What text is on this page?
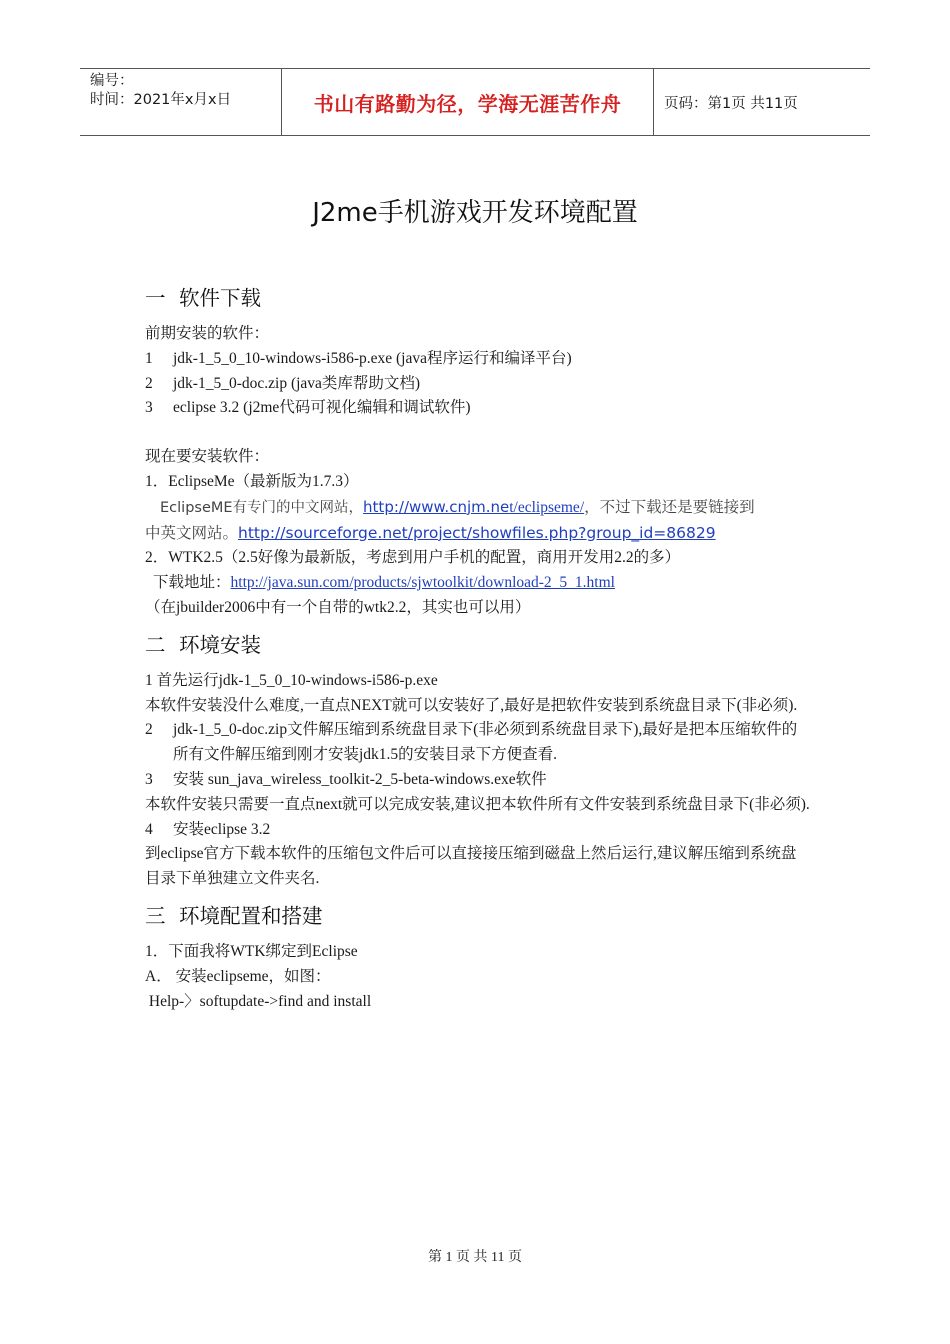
编号：
时间：2021年x月x日	书山有路勤为径，学海无涯苦作舟	页码：第1页 共11页
J2me手机游戏开发环境配置
一 软件下载
前期安装的软件：
1 jdk-1_5_0_10-windows-i586-p.exe (java程序运行和编译平台)
2 jdk-1_5_0-doc.zip (java类库帮助文档)
3 eclipse 3.2 (j2me代码可视化编辑和调试软件)
现在要安装软件：
1．EclipseMe（最新版为1.7.3）
EclipseME有专门的中文网站，http://www.cnjm.net/eclipseme/，不过下载还是要链接到
中英文网站。http://sourceforge.net/project/showfiles.php?group_id=86829
2．WTK2.5（2.5好像为最新版，考虑到用户手机的配置，商用开发用2.2的多）
下载地址：http://java.sun.com/products/sjwtoolkit/download-2_5_1.html
（在jbuilder2006中有一个自带的wtk2.2，其实也可以用）
二 环境安装
1 首先运行jdk-1_5_0_10-windows-i586-p.exe
本软件安装没什么难度,一直点NEXT就可以安装好了,最好是把软件安装到系统盘目录下(非必须).
2 jdk-1_5_0-doc.zip文件解压缩到系统盘目录下(非必须到系统盘目录下),最好是把本压缩软件的所有文件解压缩到刚才安装jdk1.5的安装目录下方便查看.
3 安装 sun_java_wireless_toolkit-2_5-beta-windows.exe软件
本软件安装只需要一直点next就可以完成安装,建议把本软件所有文件安装到系统盘目录下(非必须).
4 安装eclipse 3.2
到eclipse官方下载本软件的压缩包文件后可以直接接压缩到磁盘上然后运行,建议解压缩到系统盘目录下单独建立文件夹名.
三 环境配置和搭建
1．下面我将WTK绑定到Eclipse
A． 安装eclipseme，如图：
Help-〉softupdate->find and install
第 1 页 共 11 页
